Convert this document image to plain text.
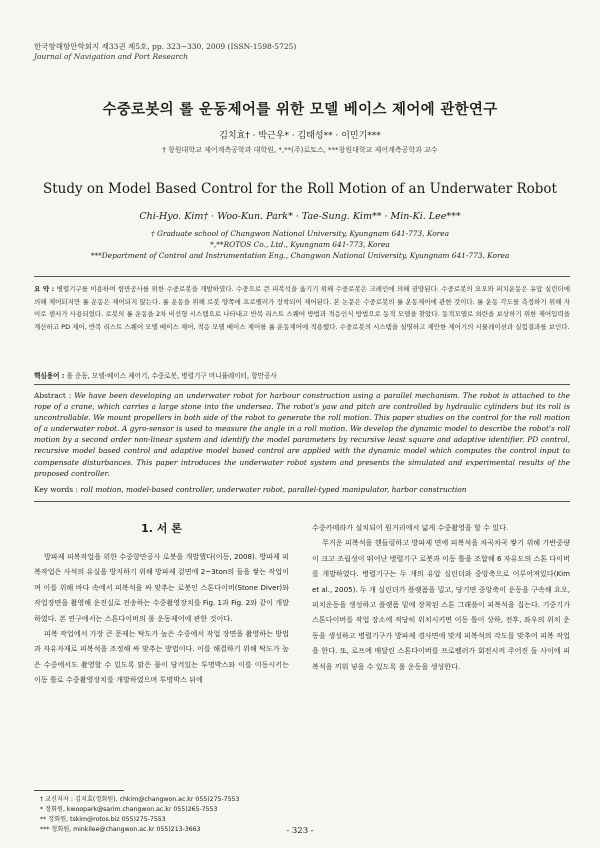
한국항해항만학회지 제33권 제5호, pp. 323~330, 2009 (ISSN-1598-5725)
Journal of Navigation and Port Research
수중로봇의 롤 운동제어를 위한 모델 베이스 제어에 관한연구
김치효† · 박근우* · 김태성** · 이민기***
† 창원대학교 제어계측공학과 대학원, *,**(주)로토스, ***창원대학교 제어계측공학과 교수
Study on Model Based Control for the Roll Motion of an Underwater Robot
Chi-Hyo. Kim† · Woo-Kun. Park* · Tae-Sung. Kim** · Min-Ki. Lee***
† Graduate school of Changwon National University, Kyungnam 641-773, Korea
*,**ROTOS Co., Ltd., Kyungnam 641-773, Korea
***Department of Control and Instrumentation Eng., Changwon National University, Kyungnam 641-773, Korea
요 약 : 병렬기구를 이용하여 항만공사를 위한 수중로봇을 개발하였다. 수중으로 큰 피복석을 옮기기 위해 수중로봇은 크레인에 의해 권양된다. 수중로봇의 요오와 피치운동은 유압 실린더에 의해 제어되지만 롤 운동은 제어되지 않는다. 롤 운동을 위해 로봇 양쪽에 프로펠러가 장착되어 제어된다. 본 논문은 수중로봇의 롤 운동제어에 관한 것이다. 롤 운동 각도를 측정하기 위해 자이로 센서가 사용되었다. 로봇의 롤 운동을 2차 비선형 시스템으로 나타내고 반복 리스트 스퀘어 방법과 적응인식 방법으로 동적 모델을 찾았다. 동적모델로 외란을 보상하기 위한 제어입력을 계산하고 PD 제어, 반복 리스트 스퀘어 모델 베이스 제어, 적응 모델 베이스 제어를 롤 운동제어에 적용했다. 수중로봇의 시스템을 설명하고 제안한 제어기의 시뮬레이션과 실험결과를 보인다.
핵심용어 : 롤 운동, 모델-베이스 제어기, 수중로봇, 병렬기구 머니퓰레이터, 항만공사
Abstract : We have been developing an underwater robot for harbour construction using a parallel mechanism. The robot is attached to the rope of a crane, which carries a large stone into the undersea. The robot's yaw and pitch are controlled by hydraulic cylinders but its roll is uncontrollable. We mount propellers in both side of the robot to generate the roll motion. This paper studies on the control for the roll motion of a underwater robot. A gyro-sensor is used to measure the angle in a roll motion. We develop the dynamic model to describe the robot's roll motion by a second order non-linear system and identify the model parameters by recursive least square and adaptive identifier. PD control, recursive model based control and adaptive model based control are applied with the dynamic model which computes the control input to compensate disturbances. This paper introduces the underwater robot system and presents the simulated and experimental results of the proposed controller.
Key words : roll motion, model-based controller, underwater robot, parallel-typed manipulator, harbor construction
1. 서 론

방파제 피복작업을 위한 수중항만공사 로봇을 개발했다(이동, 2008). 방파제 피복작업은 사석의 유실을 방지하기 위해 방파제 겉면에 2~3ton의 돌을 쌓는 작업이며 이를 위해 바다 속에서 피복석을 싸 맞추는 로봇인 스톤다이버(Stone Diver)와 작업장면을 촬영해 운전실로 전송하는 수중촬영장치를 Fig. 1과 Fig. 2와 같이 개발하였다. 본 연구에서는 스톤다이버의 롤 운동제어에 관한 것이다.

피복 작업에서 가장 큰 문제는 탁도가 높은 수중에서 작업 장면을 촬영하는 방법과 자유자재로 피복석을 조정해 싸 맞추는 방법이다. 이를 해결하기 위해 탁도가 높은 수중에서도 촬영할 수 있도록 맑은 물이 담겨있는 투명박스와 이를 이동시키는 이동 틀로 수중촬영장치를 개발하였으며 투명박스 뒤에

수중카메라가 설치되어 원거리에서 넓게 수중촬영을 할 수 있다.

무거운 피복석을 핸들링하고 방파제 면에 피복석을 차곡차곡 쌓기 위해 가반중량이 크고 조립성이 뛰어난 병렬기구 로봇과 이동 틀을 조합해 6 자유도의 스톤 다이버를 개발하였다. 병렬기구는 두 개의 유압 실린더와 중앙축으로 이루어져있다(Kim et al., 2005). 두 개 실린더가 플랫폼을 밀고, 당기면 중앙축이 운동을 구속해 요오, 피치운동을 생성하고 플랫폼 밑에 장착된 스톤 그래플이 피복석을 집는다. 기중기가 스톤다이버를 작업 장소에 적당히 위치시키면 이동 틀이 상하, 전후, 좌우의 위치 운동을 생성하고 병렬기구가 방파제 경사면에 맞게 피복석의 각도를 맞추어 피복 작업을 한다. 또, 로프에 매달린 스톤다이버를 프로펠러가 회전시켜 주어진 돌 사이에 피복석을 끼워 넣을 수 있도록 롤 운동을 생성한다.

† 교신저자 : 김치효(정회원), chkim@changwon.ac.kr 055)275-7553
* 정회원, kwoopark@sarim.changwon.ac.kr 055)265-7553
** 정회원, tskim@rotos.biz 055)275-7553
*** 정회원, minkilee@changwon.ac.kr 055)213-3663	- 323 -
